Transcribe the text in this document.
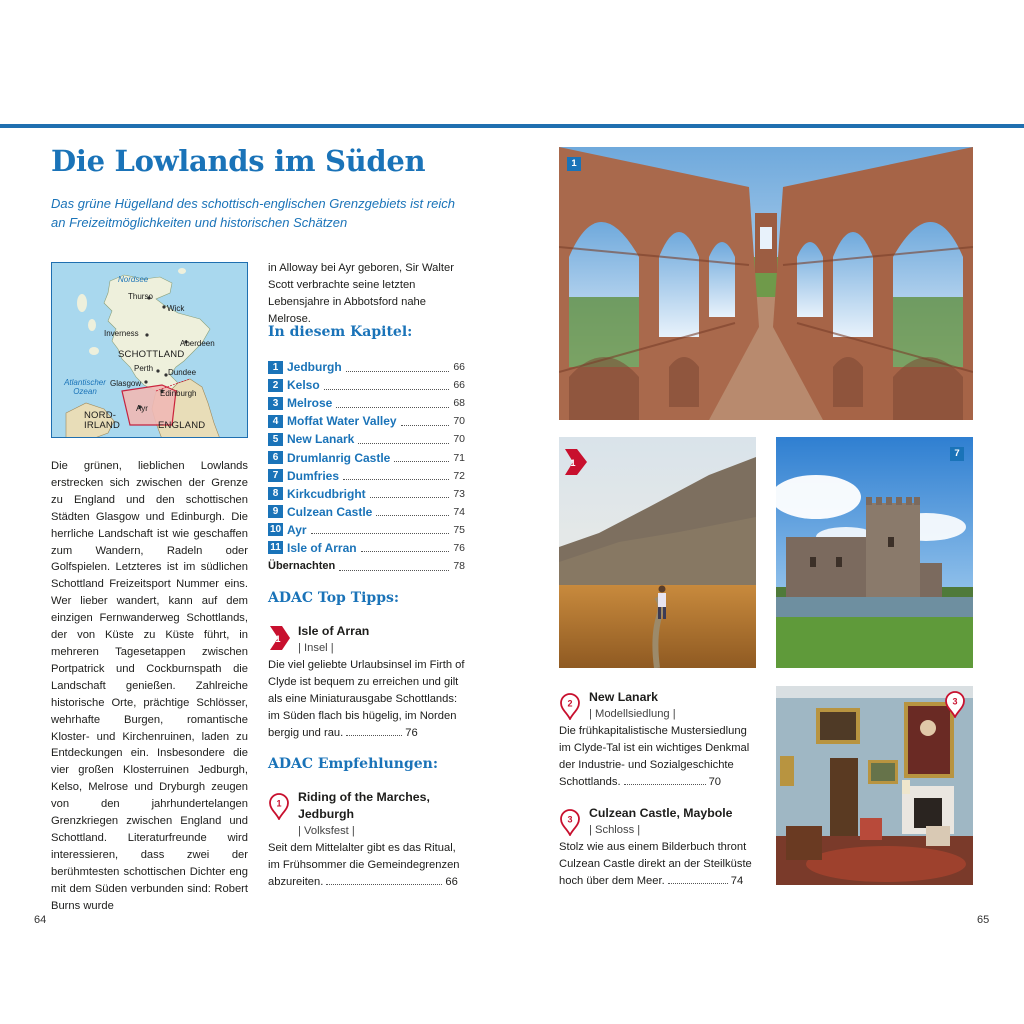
Die Lowlands im Süden

Das grüne Hügelland des schottisch-englischen Grenzgebiets ist reich an Freizeitmöglichkeiten und historischen Schätzen

Nordsee
Thurso
Wick
Inverness
Aberdeen
SCHOTTLAND
Perth Dundee
Atlantischer Ozean
Glasgow
Edinburgh
Ayr
NORD-IRLAND	ENGLAND

Die grünen, lieblichen Lowlands erstrecken sich zwischen der Grenze zu England und den schottischen Städten Glasgow und Edinburgh. Die herrliche Landschaft ist wie geschaffen zum Wandern, Radeln oder Golfspielen. Letzteres ist im südlichen Schottland Freizeitsport Nummer eins. Wer lieber wandert, kann auf dem einzigen Fernwanderweg Schottlands, der von Küste zu Küste führt, in mehreren Tagesetappen zwischen Portpatrick und Cockburnspath die Landschaft genießen. Zahlreiche historische Orte, prächtige Schlösser, wehrhafte Burgen, romantische Kloster- und Kirchenruinen, laden zu Entdeckungen ein. Insbesondere die vier großen Klosterruinen Jedburgh, Kelso, Melrose und Dryburgh zeugen von den jahrhundertelangen Grenzkriegen zwischen England und Schottland. Literaturfreunde wird interessieren, dass zwei der berühmtesten schottischen Dichter eng mit dem Süden verbunden sind: Robert Burns wurde

in Alloway bei Ayr geboren, Sir Walter Scott verbrachte seine letzten Lebensjahre in Abbotsford nahe Melrose.

In diesem Kapitel:
1 Jedburgh	66
2 Kelso	66
3 Melrose	68
4 Moffat Water Valley	70
5 New Lanark	70
6 Drumlanrig Castle	71
7 Dumfries	72
8 Kirkcudbright	73
9 Culzean Castle	74
10 Ayr	75
11 Isle of Arran	76
Übernachten	78
ADAC Top Tipps:
1
Isle of Arran
| Insel |
Die viel geliebte Urlaubsinsel im Firth of Clyde ist bequem zu erreichen und gilt als eine Miniaturausgabe Schottlands: im Süden flach bis hügelig, im Norden bergig und rau.	76
ADAC Empfehlungen:
1 Riding of the Marches, Jedburgh
| Volksfest |
Seit dem Mittelalter gibt es das Ritual, im Frühsommer die Gemeindegrenzen abzureiten.	66
1
1
7
2 New Lanark
| Modellsiedlung |
Die frühkapitalistische Mustersiedlung im Clyde-Tal ist ein wichtiges Denkmal der Industrie- und Sozialgeschichte Schottlands.	70
3 Culzean Castle, Maybole
| Schloss |
Stolz wie aus einem Bilderbuch thront Culzean Castle direkt an der Steilküste hoch über dem Meer.	74
3
64	65
